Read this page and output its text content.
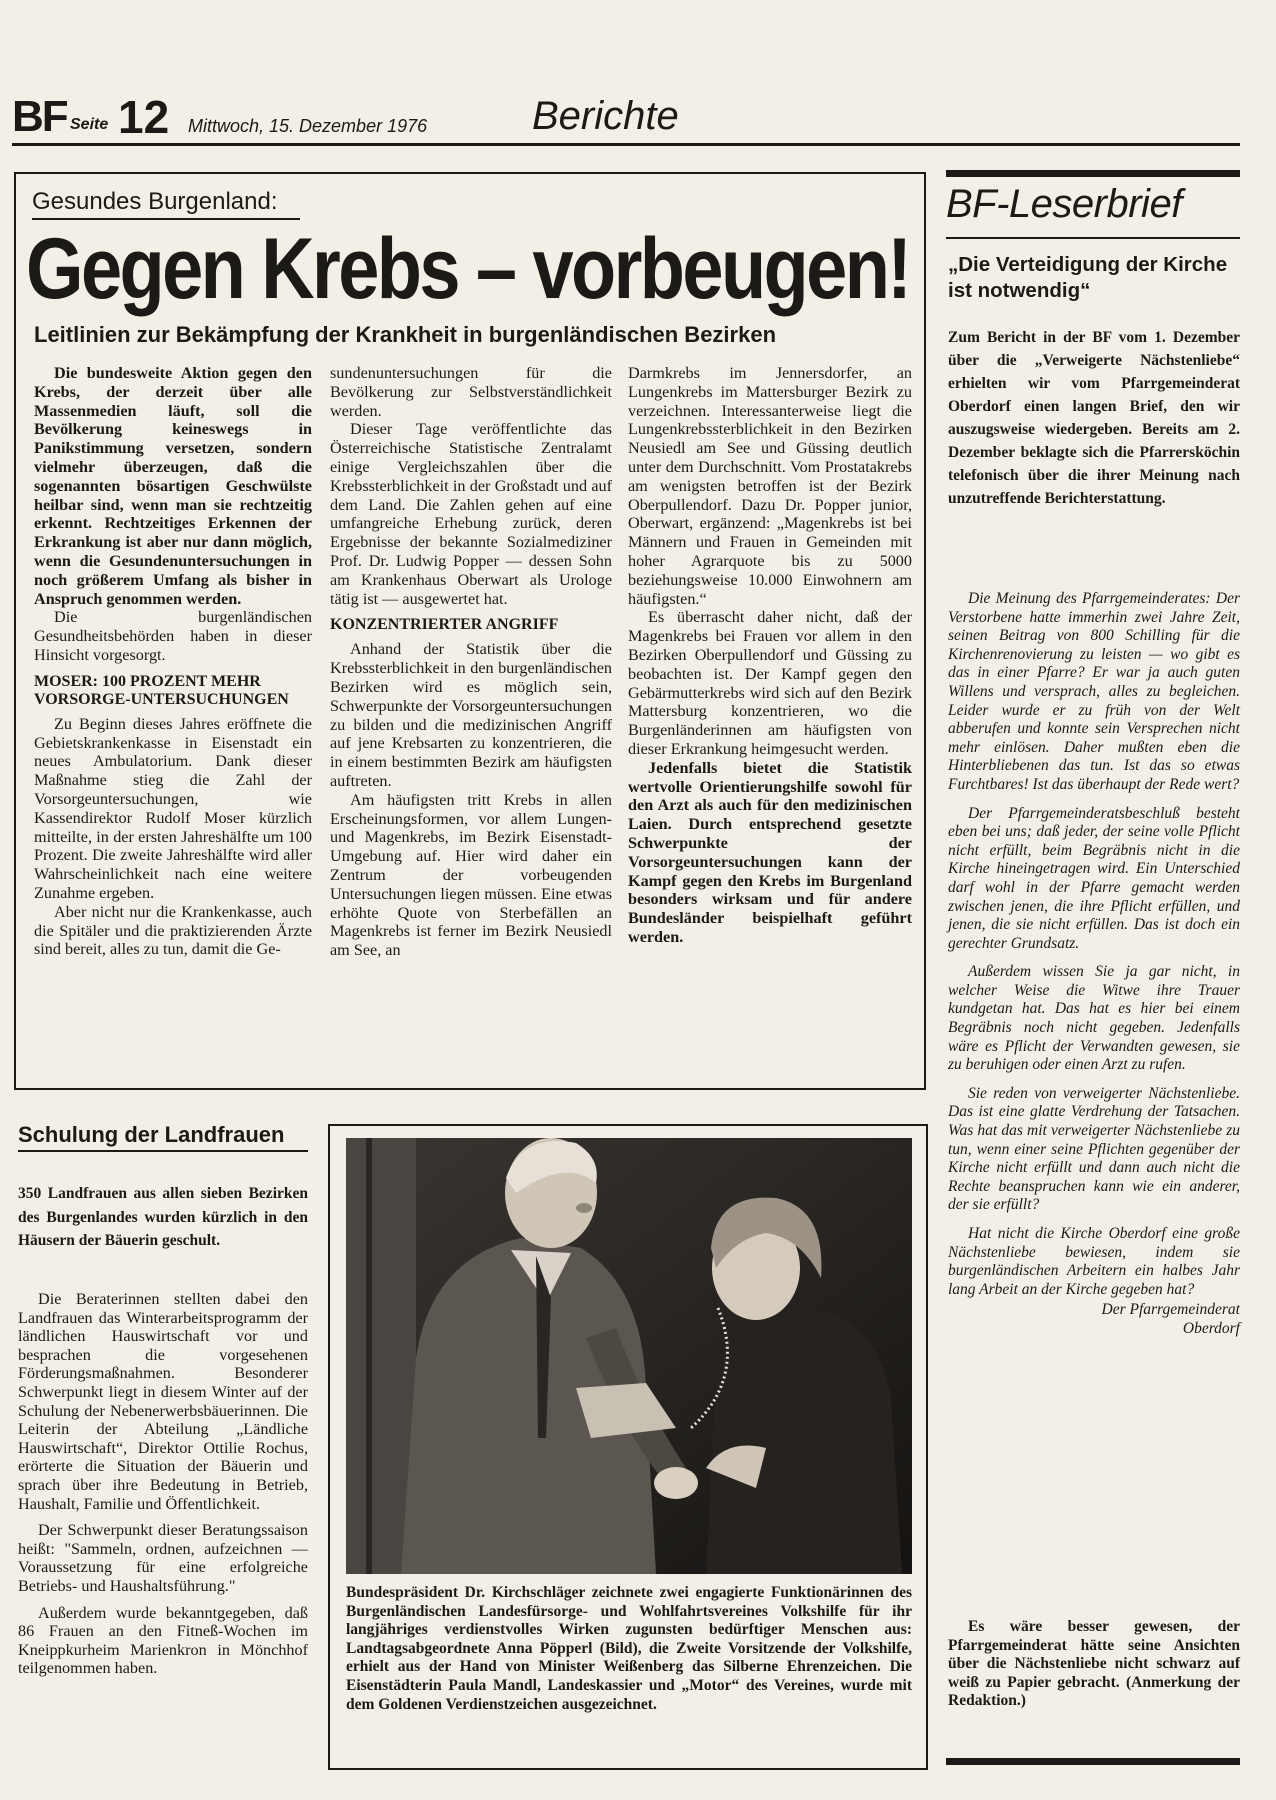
BF Seite 12 Mittwoch, 15. Dezember 1976	Berichte
Gesundes Burgenland:
Gegen Krebs – vorbeugen!
Leitlinien zur Bekämpfung der Krankheit in burgenländischen Bezirken

Die bundesweite Aktion gegen den Krebs, der derzeit über alle Massenmedien läuft, soll die Bevölkerung keineswegs in Panikstimmung versetzen, sondern vielmehr überzeugen, daß die sogenannten bösartigen Geschwülste heilbar sind, wenn man sie rechtzeitig erkennt. Rechtzeitiges Erkennen der Erkrankung ist aber nur dann möglich, wenn die Gesundenuntersuchungen in noch größerem Umfang als bisher in Anspruch genommen werden.

Die burgenländischen Gesundheitsbehörden haben in dieser Hinsicht vorgesorgt.

MOSER: 100 PROZENT MEHR VORSORGE-UNTERSUCHUNGEN

Zu Beginn dieses Jahres eröffnete die Gebietskrankenkasse in Eisenstadt ein neues Ambulatorium. Dank dieser Maßnahme stieg die Zahl der Vorsorgeuntersuchungen, wie Kassendirektor Rudolf Moser kürzlich mitteilte, in der ersten Jahreshälfte um 100 Prozent. Die zweite Jahreshälfte wird aller Wahrscheinlichkeit nach eine weitere Zunahme ergeben.

Aber nicht nur die Krankenkasse, auch die Spitäler und die praktizierenden Ärzte sind bereit, alles zu tun, damit die Ge-

sundenuntersuchungen für die Bevölkerung zur Selbstverständlichkeit werden.

Dieser Tage veröffentlichte das Österreichische Statistische Zentralamt einige Vergleichszahlen über die Krebssterblichkeit in der Großstadt und auf dem Land. Die Zahlen gehen auf eine umfangreiche Erhebung zurück, deren Ergebnisse der bekannte Sozialmediziner Prof. Dr. Ludwig Popper — dessen Sohn am Krankenhaus Oberwart als Urologe tätig ist — ausgewertet hat.

KONZENTRIERTER ANGRIFF

Anhand der Statistik über die Krebssterblichkeit in den burgenländischen Bezirken wird es möglich sein, Schwerpunkte der Vorsorgeuntersuchungen zu bilden und die medizinischen Angriff auf jene Krebsarten zu konzentrieren, die in einem bestimmten Bezirk am häufigsten auftreten.

Am häufigsten tritt Krebs in allen Erscheinungsformen, vor allem Lungen- und Magenkrebs, im Bezirk Eisenstadt-Umgebung auf. Hier wird daher ein Zentrum der vorbeugenden Untersuchungen liegen müssen. Eine etwas erhöhte Quote von Sterbefällen an Magenkrebs ist ferner im Bezirk Neusiedl am See, an

Darmkrebs im Jennersdorfer, an Lungenkrebs im Mattersburger Bezirk zu verzeichnen. Interessanterweise liegt die Lungenkrebssterblichkeit in den Bezirken Neusiedl am See und Güssing deutlich unter dem Durchschnitt. Vom Prostatakrebs am wenigsten betroffen ist der Bezirk Oberpullendorf. Dazu Dr. Popper junior, Oberwart, ergänzend: „Magenkrebs ist bei Männern und Frauen in Gemeinden mit hoher Agrarquote bis zu 5000 beziehungsweise 10.000 Einwohnern am häufigsten.“

Es überrascht daher nicht, daß der Magenkrebs bei Frauen vor allem in den Bezirken Oberpullendorf und Güssing zu beobachten ist. Der Kampf gegen den Gebärmutterkrebs wird sich auf den Bezirk Mattersburg konzentrieren, wo die Burgenländerinnen am häufigsten von dieser Erkrankung heimgesucht werden.

Jedenfalls bietet die Statistik wertvolle Orientierungshilfe sowohl für den Arzt als auch für den medizinischen Laien. Durch entsprechend gesetzte Schwerpunkte der Vorsorgeuntersuchungen kann der Kampf gegen den Krebs im Burgenland besonders wirksam und für andere Bundesländer beispielhaft geführt werden.

BF-Leserbrief
„Die Verteidigung der Kirche ist notwendig“
Zum Bericht in der BF vom 1. Dezember über die „Verweigerte Nächstenliebe“ erhielten wir vom Pfarrgemeinderat Oberdorf einen langen Brief, den wir auszugsweise wiedergeben. Bereits am 2. Dezember beklagte sich die Pfarrersköchin telefonisch über die ihrer Meinung nach unzutreffende Berichterstattung.

Die Meinung des Pfarrgemeinderates: Der Verstorbene hatte immerhin zwei Jahre Zeit, seinen Beitrag von 800 Schilling für die Kirchenrenovierung zu leisten — wo gibt es das in einer Pfarre? Er war ja auch guten Willens und versprach, alles zu begleichen. Leider wurde er zu früh von der Welt abberufen und konnte sein Versprechen nicht mehr einlösen. Daher mußten eben die Hinterbliebenen das tun. Ist das so etwas Furchtbares! Ist das überhaupt der Rede wert?

Der Pfarrgemeinderatsbeschluß besteht eben bei uns; daß jeder, der seine volle Pflicht nicht erfüllt, beim Begräbnis nicht in die Kirche hineingetragen wird. Ein Unterschied darf wohl in der Pfarre gemacht werden zwischen jenen, die ihre Pflicht erfüllen, und jenen, die sie nicht erfüllen. Das ist doch ein gerechter Grundsatz.

Außerdem wissen Sie ja gar nicht, in welcher Weise die Witwe ihre Trauer kundgetan hat. Das hat es hier bei einem Begräbnis noch nicht gegeben. Jedenfalls wäre es Pflicht der Verwandten gewesen, sie zu beruhigen oder einen Arzt zu rufen.

Sie reden von verweigerter Nächstenliebe. Das ist eine glatte Verdrehung der Tatsachen. Was hat das mit verweigerter Nächstenliebe zu tun, wenn einer seine Pflichten gegenüber der Kirche nicht erfüllt und dann auch nicht die Rechte beanspruchen kann wie ein anderer, der sie erfüllt?

Hat nicht die Kirche Oberdorf eine große Nächstenliebe bewiesen, indem sie burgenländischen Arbeitern ein halbes Jahr lang Arbeit an der Kirche gegeben hat?

Der Pfarrgemeinderat

Oberdorf

Es wäre besser gewesen, der Pfarrgemeinderat hätte seine Ansichten über die Nächstenliebe nicht schwarz auf weiß zu Papier gebracht. (Anmerkung der Redaktion.)
Schulung der Landfrauen
350 Landfrauen aus allen sieben Bezirken des Burgenlandes wurden kürzlich in den Häusern der Bäuerin geschult.

Die Beraterinnen stellten dabei den Landfrauen das Winterarbeitsprogramm der ländlichen Hauswirtschaft vor und besprachen die vorgesehenen Förderungsmaßnahmen. Besonderer Schwerpunkt liegt in diesem Winter auf der Schulung der Nebenerwerbsbäuerinnen. Die Leiterin der Abteilung „Ländliche Hauswirtschaft“, Direktor Ottilie Rochus, erörterte die Situation der Bäuerin und sprach über ihre Bedeutung in Betrieb, Haushalt, Familie und Öffentlichkeit.

Der Schwerpunkt dieser Beratungssaison heißt: "Sammeln, ordnen, aufzeichnen — Voraussetzung für eine erfolgreiche Betriebs- und Haushaltsführung."

Außerdem wurde bekanntgegeben, daß 86 Frauen an den Fitneß-Wochen im Kneippkurheim Marienkron in Mönchhof teilgenommen haben.

Bundespräsident Dr. Kirchschläger zeichnete zwei engagierte Funktionärinnen des Burgenländischen Landesfürsorge- und Wohlfahrtsvereines Volkshilfe für ihr langjähriges verdienstvolles Wirken zugunsten bedürftiger Menschen aus: Landtagsabgeordnete Anna Pöpperl (Bild), die Zweite Vorsitzende der Volkshilfe, erhielt aus der Hand von Minister Weißenberg das Silberne Ehrenzeichen. Die Eisenstädterin Paula Mandl, Landeskassier und „Motor“ des Vereines, wurde mit dem Goldenen Verdienstzeichen ausgezeichnet.
